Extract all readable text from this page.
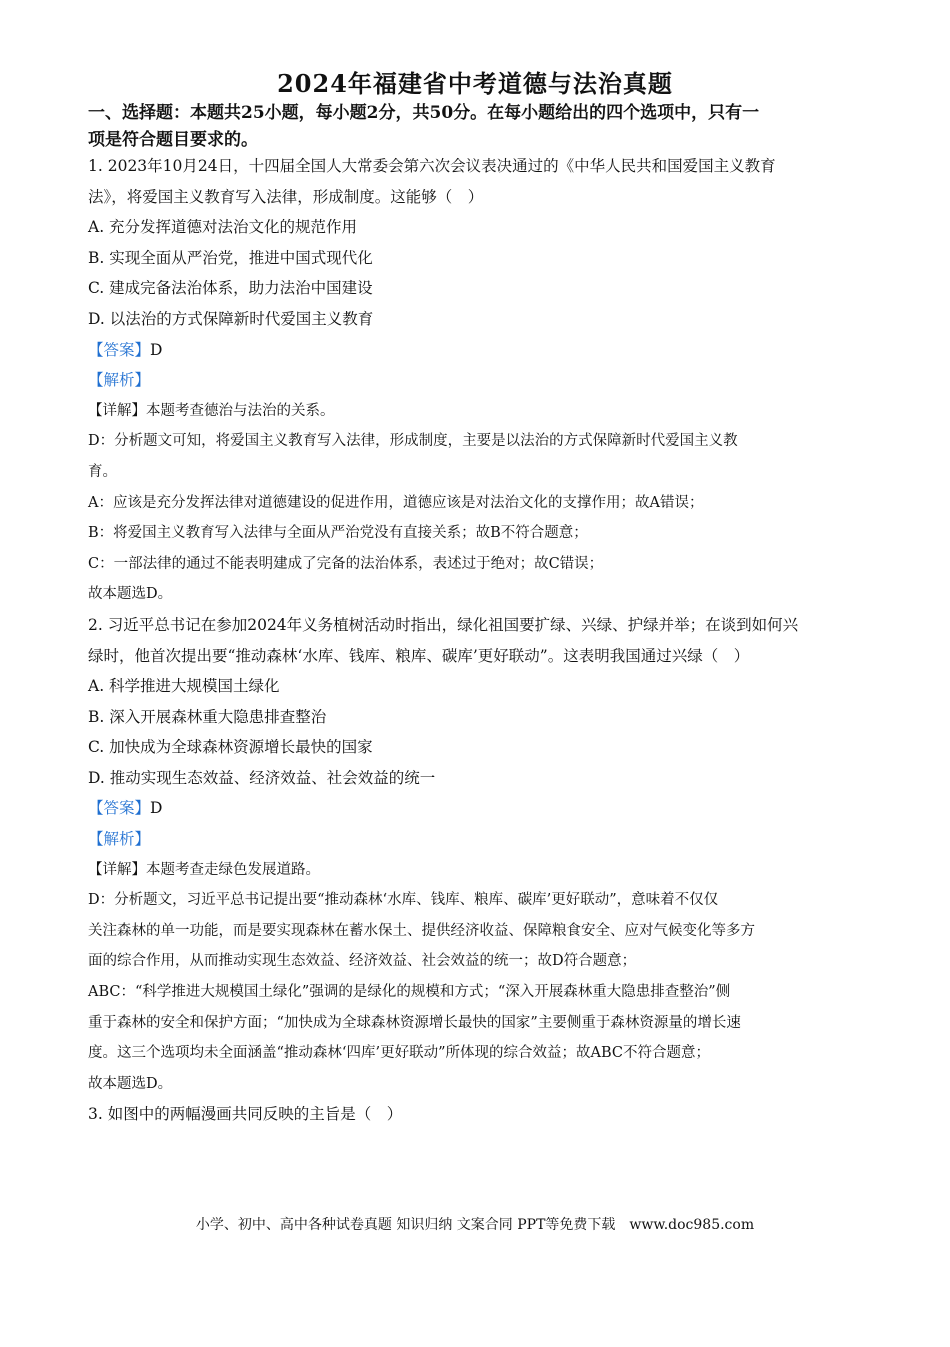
2024年福建省中考道德与法治真题
一、选择题：本题共25小题，每小题2分，共50分。在每小题给出的四个选项中，只有一
项是符合题目要求的。
1. 2023年10月24日，十四届全国人大常委会第六次会议表决通过的《中华人民共和国爱国主义教育
法》，将爱国主义教育写入法律，形成制度。这能够（　）
A. 充分发挥道德对法治文化的规范作用
B. 实现全面从严治党，推进中国式现代化
C. 建成完备法治体系，助力法治中国建设
D. 以法治的方式保障新时代爱国主义教育
【答案】D
【解析】
【详解】本题考查德治与法治的关系。
D：分析题文可知，将爱国主义教育写入法律，形成制度，主要是以法治的方式保障新时代爱国主义教
育。
A：应该是充分发挥法律对道德建设的促进作用，道德应该是对法治文化的支撑作用；故A错误；
B：将爱国主义教育写入法律与全面从严治党没有直接关系；故B不符合题意；
C：一部法律的通过不能表明建成了完备的法治体系，表述过于绝对；故C错误；
故本题选D。
2. 习近平总书记在参加2024年义务植树活动时指出，绿化祖国要扩绿、兴绿、护绿并举；在谈到如何兴
绿时，他首次提出要“推动森林‘水库、钱库、粮库、碳库’更好联动”。这表明我国通过兴绿（　）
A. 科学推进大规模国土绿化
B. 深入开展森林重大隐患排查整治
C. 加快成为全球森林资源增长最快的国家
D. 推动实现生态效益、经济效益、社会效益的统一
【答案】D
【解析】
【详解】本题考查走绿色发展道路。
D：分析题文，习近平总书记提出要“推动森林‘水库、钱库、粮库、碳库’更好联动”，意味着不仅仅
关注森林的单一功能，而是要实现森林在蓄水保土、提供经济收益、保障粮食安全、应对气候变化等多方
面的综合作用，从而推动实现生态效益、经济效益、社会效益的统一；故D符合题意；
ABC：“科学推进大规模国土绿化”强调的是绿化的规模和方式；“深入开展森林重大隐患排查整治”侧
重于森林的安全和保护方面；“加快成为全球森林资源增长最快的国家”主要侧重于森林资源量的增长速
度。这三个选项均未全面涵盖“推动森林‘四库’更好联动”所体现的综合效益；故ABC不符合题意；
故本题选D。
3. 如图中的两幅漫画共同反映的主旨是（　）
小学、初中、高中各种试卷真题 知识归纳 文案合同 PPT等免费下载　www.doc985.com
